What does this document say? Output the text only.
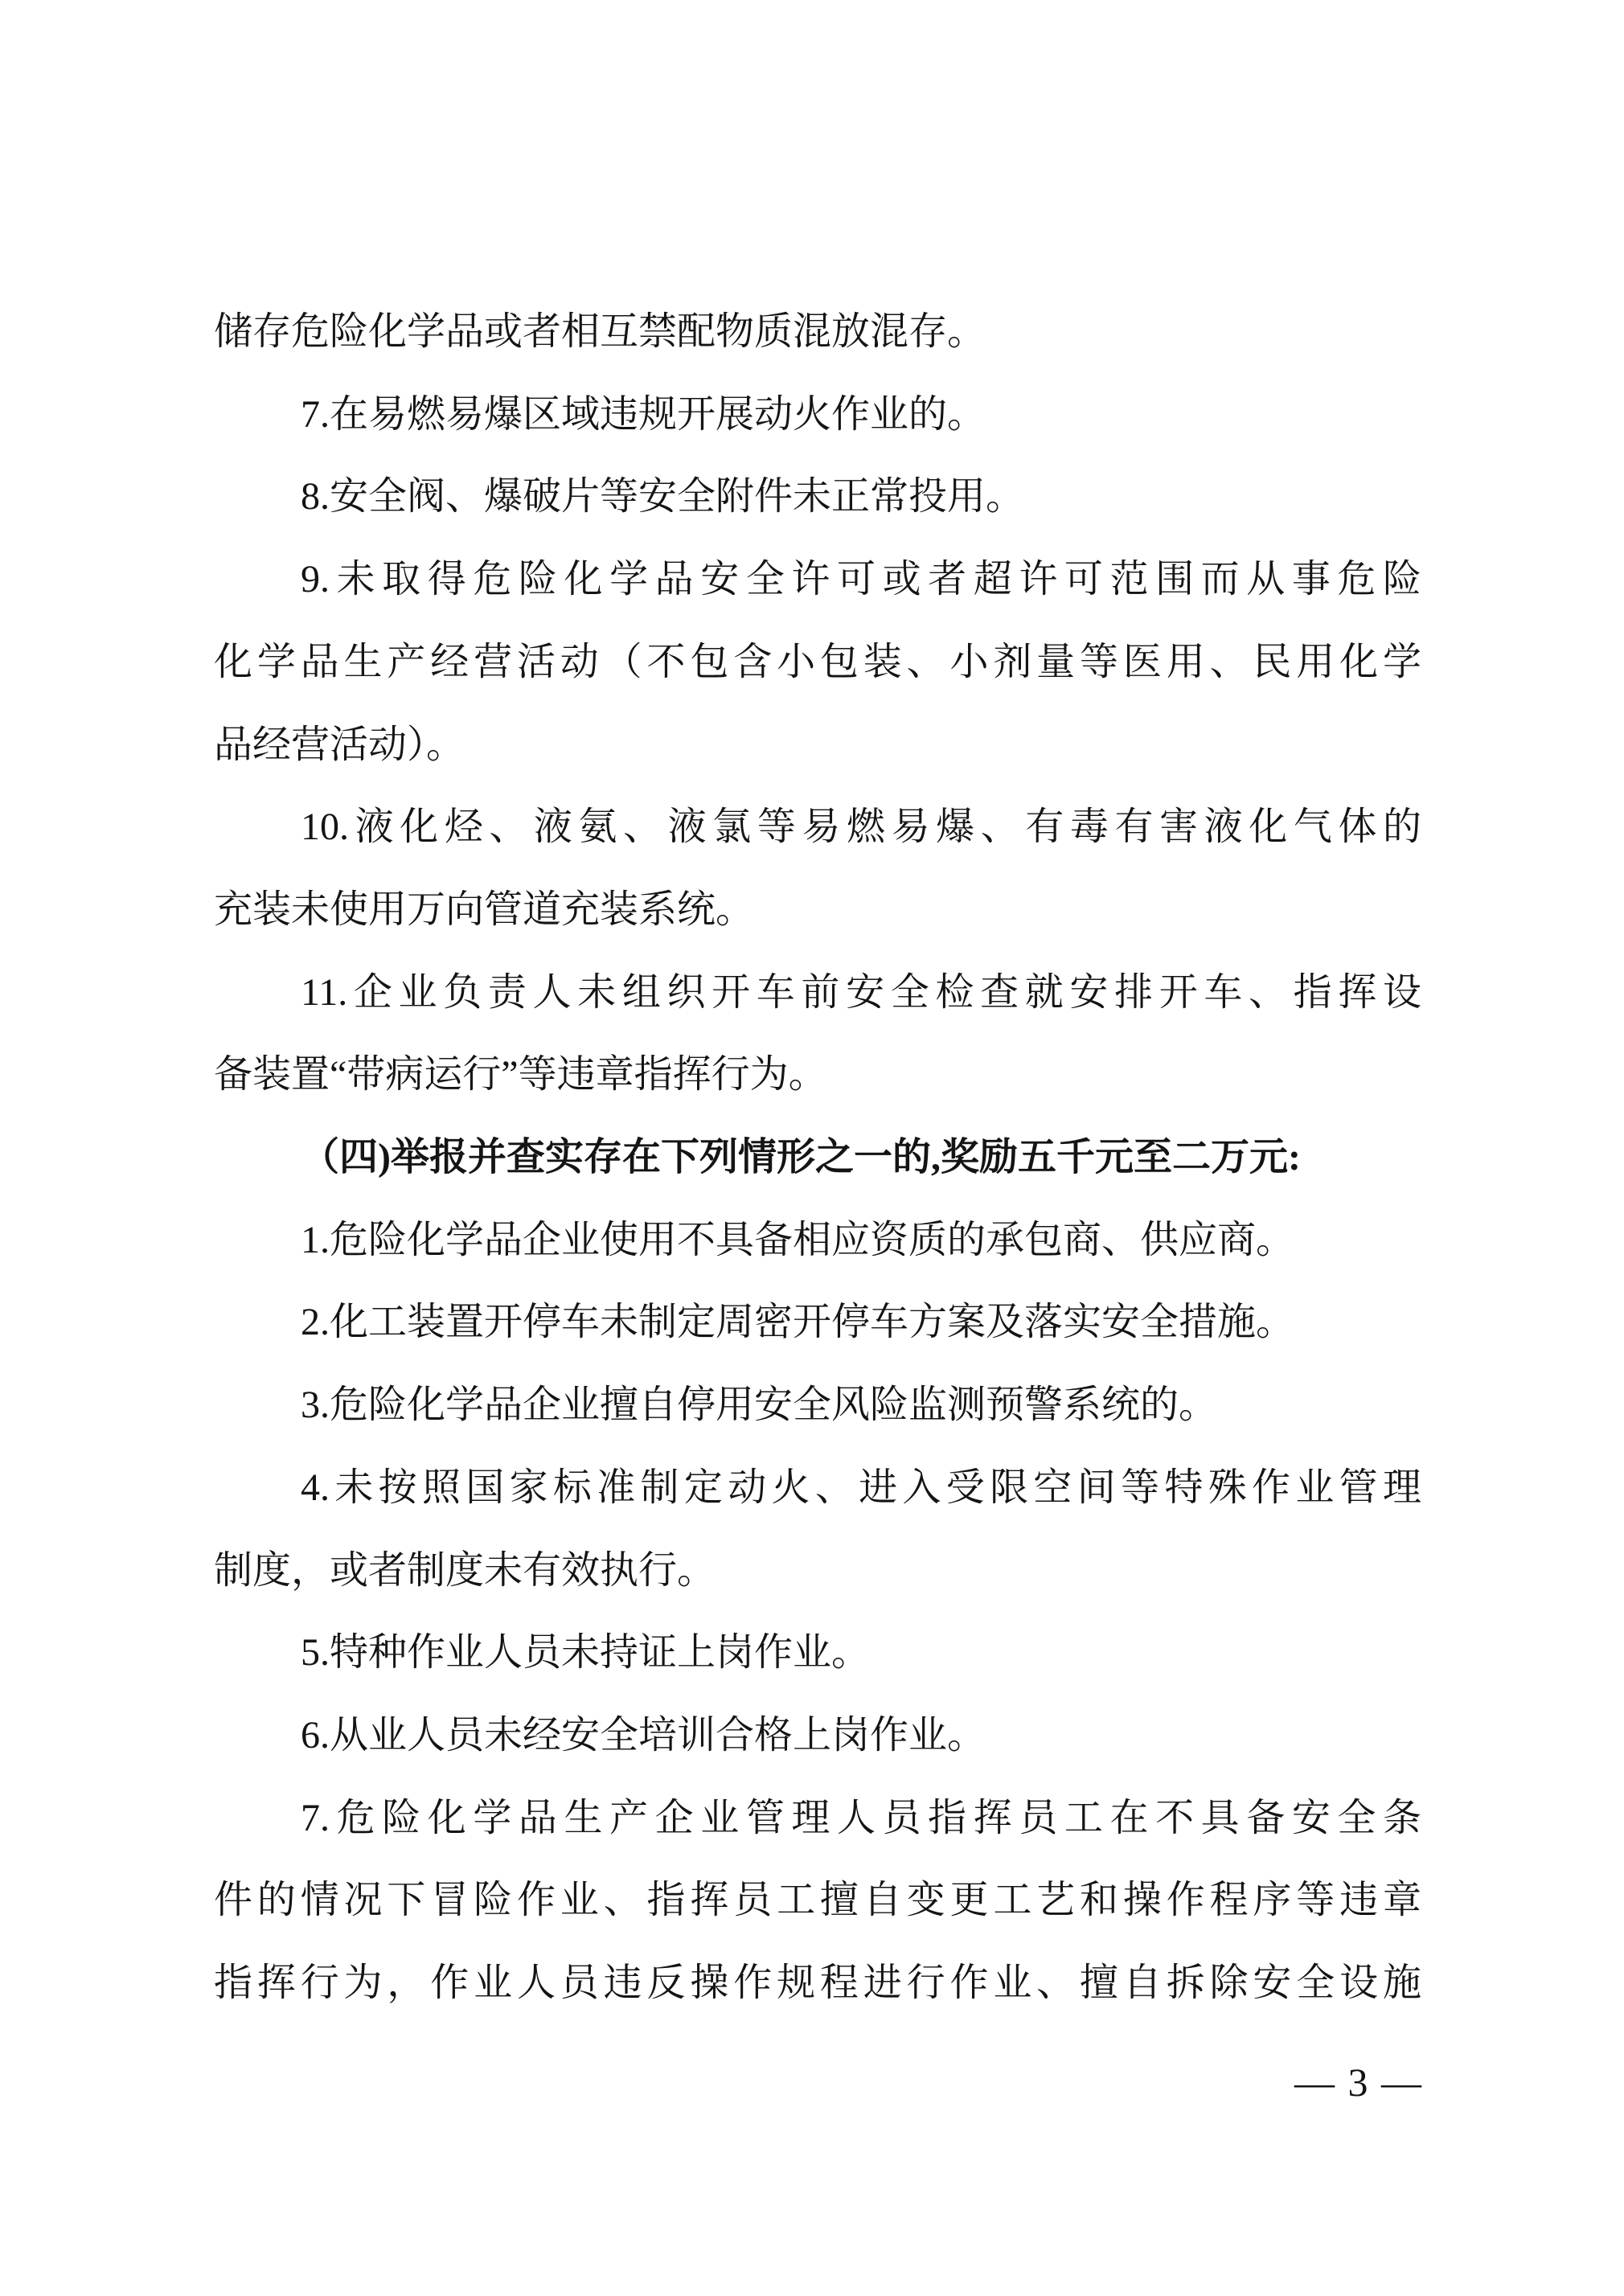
储存危险化学品或者相互禁配物质混放混存。
7.在易燃易爆区域违规开展动火作业的。
8.安全阀、爆破片等安全附件未正常投用。
9.未取得危险化学品安全许可或者超许可范围而从事危险
化学品生产经营活动（不包含小包装、小剂量等医用、民用化学
品经营活动）。
10.液化烃、液氨、液氯等易燃易爆、有毒有害液化气体的
充装未使用万向管道充装系统。
11.企业负责人未组织开车前安全检查就安排开车、指挥设
备装置“带病运行”等违章指挥行为。
（四)举报并查实存在下列情形之一的,奖励五千元至二万元:
1.危险化学品企业使用不具备相应资质的承包商、供应商。
2.化工装置开停车未制定周密开停车方案及落实安全措施。
3.危险化学品企业擅自停用安全风险监测预警系统的。
4.未按照国家标准制定动火、进入受限空间等特殊作业管理
制度，或者制度未有效执行。
5.特种作业人员未持证上岗作业。
6.从业人员未经安全培训合格上岗作业。
7.危险化学品生产企业管理人员指挥员工在不具备安全条
件的情况下冒险作业、指挥员工擅自变更工艺和操作程序等违章
指挥行为，作业人员违反操作规程进行作业、擅自拆除安全设施
— 3 —
